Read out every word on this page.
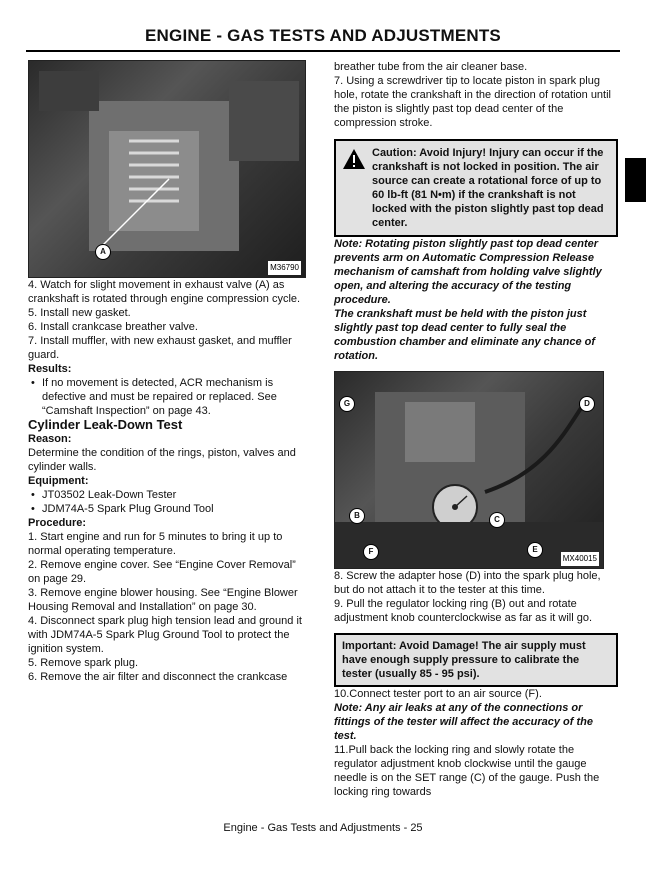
ENGINE - GAS TESTS AND ADJUSTMENTS
A
M36790

4. Watch for slight movement in exhaust valve (A) as crankshaft is rotated through engine compression cycle.

5. Install new gasket.

6. Install crankcase breather valve.

7. Install muffler, with new exhaust gasket, and muffler guard.

Results:

• If no movement is detected, ACR mechanism is defective and must be repaired or replaced. See “Camshaft Inspection” on page 43.

Cylinder Leak-Down Test

Reason:

Determine the condition of the rings, piston, valves and cylinder walls.

Equipment:

• JT03502 Leak-Down Tester

• JDM74A-5 Spark Plug Ground Tool

Procedure:

1. Start engine and run for 5 minutes to bring it up to normal operating temperature.

2. Remove engine cover. See “Engine Cover Removal” on page 29.

3. Remove engine blower housing. See “Engine Blower Housing Removal and Installation” on page 30.

4. Disconnect spark plug high tension lead and ground it with JDM74A-5 Spark Plug Ground Tool to protect the ignition system.

5. Remove spark plug.

6. Remove the air filter and disconnect the crankcase

breather tube from the air cleaner base.

7. Using a screwdriver tip to locate piston in spark plug hole, rotate the crankshaft in the direction of rotation until the piston is slightly past top dead center of the compression stroke.

Caution: Avoid Injury! Injury can occur if the crankshaft is not locked in position. The air source can create a rotational force of up to 60 lb-ft (81 N•m) if the crankshaft is not locked with the piston slightly past top dead center.

Note: Rotating piston slightly past top dead center prevents arm on Automatic Compression Release mechanism of camshaft from holding valve slightly open, and altering the accuracy of the testing procedure.

The crankshaft must be held with the piston just slightly past top dead center to fully seal the combustion chamber and eliminate any chance of rotation.

G	D
B	C
E
F
MX40015

8. Screw the adapter hose (D) into the spark plug hole, but do not attach it to the tester at this time.

9. Pull the regulator locking ring (B) out and rotate adjustment knob counterclockwise as far as it will go.

Important: Avoid Damage! The air supply must have enough supply pressure to calibrate the tester (usually 85 - 95 psi).

10.Connect tester port to an air source (F).

Note: Any air leaks at any of the connections or fittings of the tester will affect the accuracy of the test.

11.Pull back the locking ring and slowly rotate the regulator adjustment knob clockwise until the gauge needle is on the SET range (C) of the gauge. Push the locking ring towards

Engine - Gas Tests and Adjustments - 25
